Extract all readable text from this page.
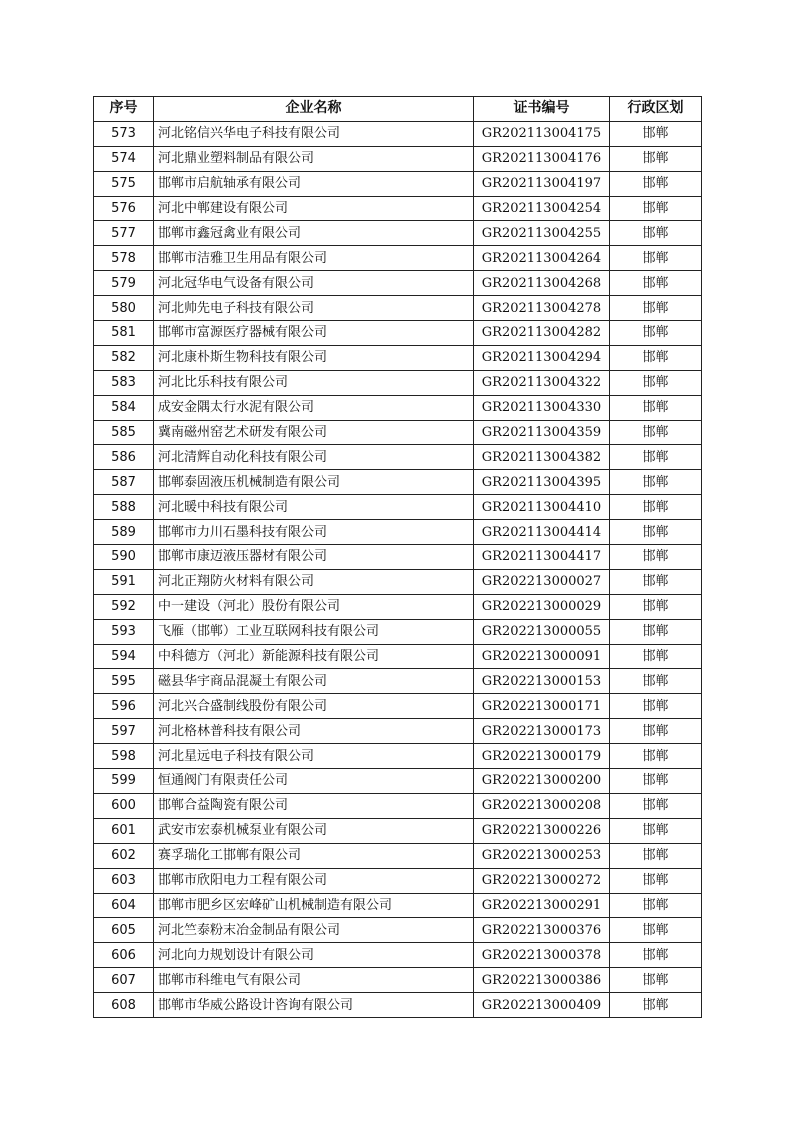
序号	企业名称	证书编号	行政区划
573	河北铭信兴华电子科技有限公司	GR202113004175	邯郸
574	河北鼎业塑料制品有限公司	GR202113004176	邯郸
575	邯郸市启航轴承有限公司	GR202113004197	邯郸
576	河北中郸建设有限公司	GR202113004254	邯郸
577	邯郸市鑫冠禽业有限公司	GR202113004255	邯郸
578	邯郸市洁雅卫生用品有限公司	GR202113004264	邯郸
579	河北冠华电气设备有限公司	GR202113004268	邯郸
580	河北帅先电子科技有限公司	GR202113004278	邯郸
581	邯郸市富源医疗器械有限公司	GR202113004282	邯郸
582	河北康朴斯生物科技有限公司	GR202113004294	邯郸
583	河北比乐科技有限公司	GR202113004322	邯郸
584	成安金隅太行水泥有限公司	GR202113004330	邯郸
585	冀南磁州窑艺术研发有限公司	GR202113004359	邯郸
586	河北清辉自动化科技有限公司	GR202113004382	邯郸
587	邯郸泰固液压机械制造有限公司	GR202113004395	邯郸
588	河北暖中科技有限公司	GR202113004410	邯郸
589	邯郸市力川石墨科技有限公司	GR202113004414	邯郸
590	邯郸市康迈液压器材有限公司	GR202113004417	邯郸
591	河北正翔防火材料有限公司	GR202213000027	邯郸
592	中一建设（河北）股份有限公司	GR202213000029	邯郸
593	飞雁（邯郸）工业互联网科技有限公司	GR202213000055	邯郸
594	中科德方（河北）新能源科技有限公司	GR202213000091	邯郸
595	磁县华宇商品混凝土有限公司	GR202213000153	邯郸
596	河北兴合盛制线股份有限公司	GR202213000171	邯郸
597	河北格林普科技有限公司	GR202213000173	邯郸
598	河北星远电子科技有限公司	GR202213000179	邯郸
599	恒通阀门有限责任公司	GR202213000200	邯郸
600	邯郸合益陶瓷有限公司	GR202213000208	邯郸
601	武安市宏泰机械泵业有限公司	GR202213000226	邯郸
602	赛孚瑞化工邯郸有限公司	GR202213000253	邯郸
603	邯郸市欣阳电力工程有限公司	GR202213000272	邯郸
604	邯郸市肥乡区宏峰矿山机械制造有限公司	GR202213000291	邯郸
605	河北竺泰粉末冶金制品有限公司	GR202213000376	邯郸
606	河北向力规划设计有限公司	GR202213000378	邯郸
607	邯郸市科维电气有限公司	GR202213000386	邯郸
608	邯郸市华威公路设计咨询有限公司	GR202213000409	邯郸
